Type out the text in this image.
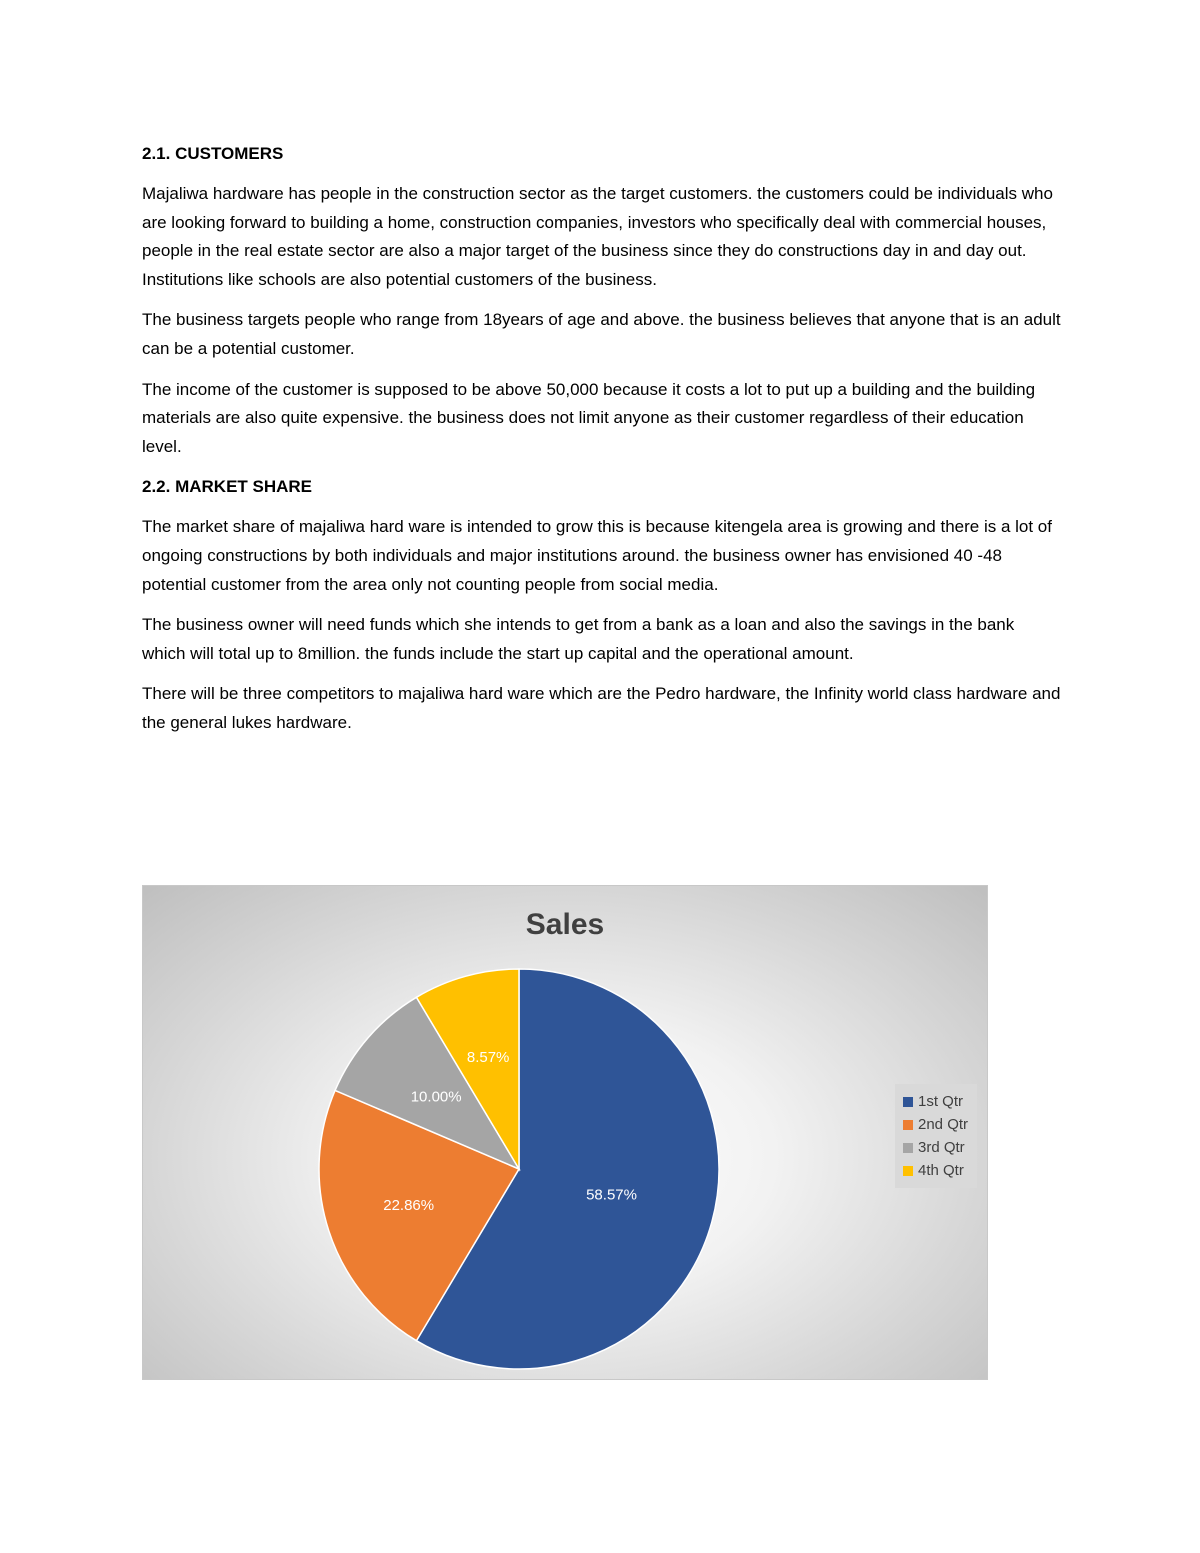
2.1. CUSTOMERS

Majaliwa hardware has people in the construction sector as the target customers. the customers could be individuals who are looking forward to building a home, construction companies, investors who specifically deal with commercial houses, people in the real estate sector are also a major target of the business since they do constructions day in and day out. Institutions like schools are also potential customers of the business.

The business targets people who range from 18years of age and above. the business believes that anyone that is an adult can be a potential customer.

The income of the customer is supposed to be above 50,000 because it costs a lot to put up a building and the building materials are also quite expensive. the business does not limit anyone as their customer regardless of their education level.

2.2. MARKET SHARE

The market share of majaliwa hard ware is intended to grow this is because kitengela area is growing and there is a lot of ongoing constructions by both individuals and major institutions around. the business owner has envisioned 40 -48 potential customer from the area only not counting people from social media.

The business owner will need funds which she intends to get from a bank as a loan and also the savings in the bank which will total up to 8million. the funds include the start up capital and the operational amount.

There will be three competitors to majaliwa hard ware which are the Pedro hardware, the Infinity world class hardware and the general lukes hardware.

Sales
58.57%
22.86%
10.00%
8.57%
1st Qtr
2nd Qtr
3rd Qtr
4th Qtr
